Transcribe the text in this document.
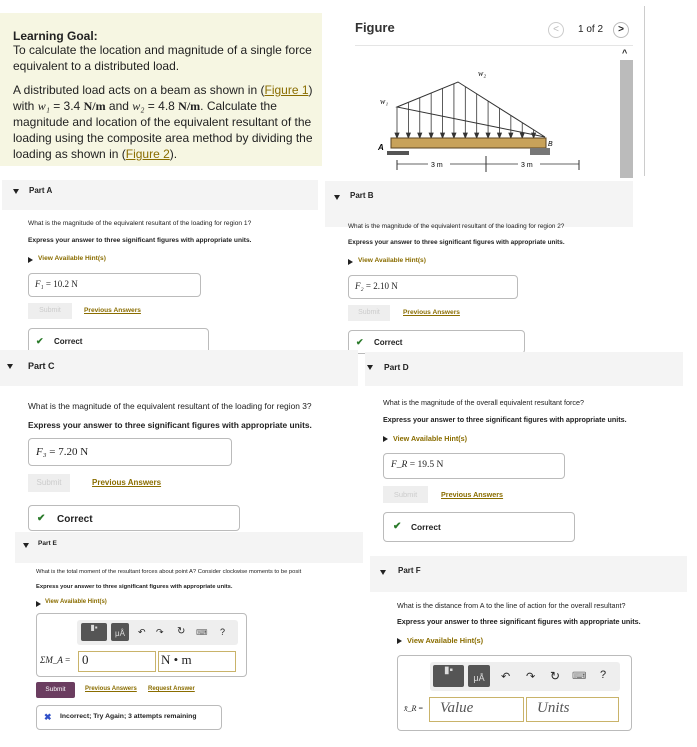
Learning Goal:

To calculate the location and magnitude of a single force equivalent to a distributed load.

A distributed load acts on a beam as shown in (Figure 1) with w₁ = 3.4 N/m and w₂ = 4.8 N/m. Calculate the magnitude and location of the equivalent resultant of the loading using the composite area method by dividing the loading as shown in (Figure 2).

Figure	<	1 of 2	>
^
A	B
w₁
w₂
3 m	3 m
Part A
What is the magnitude of the equivalent resultant of the loading for region 1?
Express your answer to three significant figures with appropriate units.
View Available Hint(s)
F₁ = 10.2 N
Submit	Previous Answers
✔ Correct
Part B
What is the magnitude of the equivalent resultant of the loading for region 2?
Express your answer to three significant figures with appropriate units.
View Available Hint(s)
F₂ = 2.10 N
Submit	Previous Answers
✔ Correct
Part C
What is the magnitude of the equivalent resultant of the loading for region 3?
Express your answer to three significant figures with appropriate units.
F₃ = 7.20 N
Submit	Previous Answers
✔ Correct
Part D
What is the magnitude of the overall equivalent resultant force?
Express your answer to three significant figures with appropriate units.
View Available Hint(s)
F_R = 19.5 N
Submit	Previous Answers
✔ Correct
Part E
What is the total moment of the resultant forces about point A? Consider clockwise moments to be posit
Express your answer to three significant figures with appropriate units.
View Available Hint(s)
▮▪
μÅ	↶ ↷ ↻ ⌨ ?
ΣM_A = 0	N • m
Submit	Previous Answers Request Answer
✖ Incorrect; Try Again; 3 attempts remaining
Part F
What is the distance from A to the line of action for the overall resultant?
Express your answer to three significant figures with appropriate units.
View Available Hint(s)
▮▪
μÅ	↶ ↷ ↻ ⌨ ?
x̄_R = Value	Units
